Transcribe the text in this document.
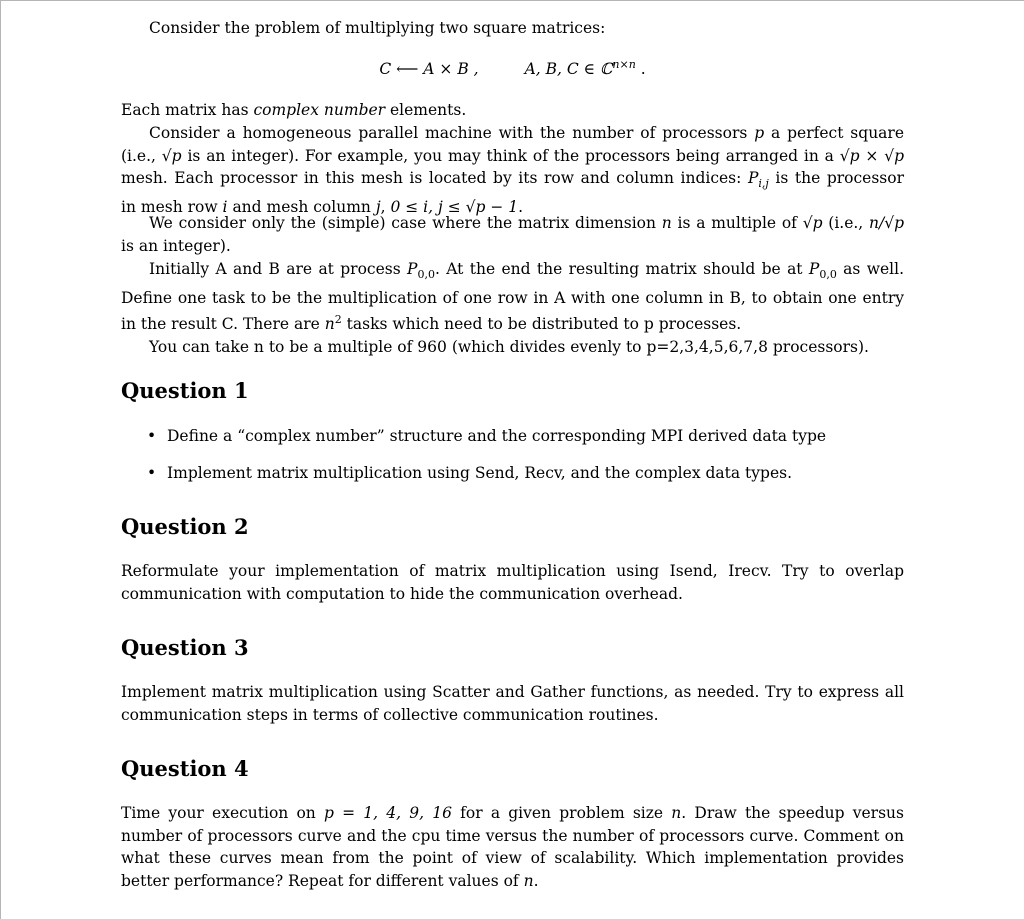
Consider the problem of multiplying two square matrices:

C ⟵ A × B ,	A, B, C ∈ ℂ$^{n\times n}$ .

Each matrix has complex number elements.

Consider a homogeneous parallel machine with the number of processors p a perfect square
(i.e., √p is an integer). For example, you may think of the processors being arranged in a √p × √p
mesh. Each processor in this mesh is located by its row and column indices: $P_{i,j}$ is the processor
in mesh row i and mesh column j, 0 ≤ i, j ≤ √p − 1.
We consider only the (simple) case where the matrix dimension n is a multiple of √p (i.e., n/√p
is an integer).
Initially A and B are at process $P_{0,0}$. At the end the resulting matrix should be at $P_{0,0}$ as well.
Define one task to be the multiplication of one row in A with one column in B, to obtain one entry
in the result C. There are $n^2$ tasks which need to be distributed to p processes.
You can take n to be a multiple of 960 (which divides evenly to p=2,3,4,5,6,7,8 processors).
Question 1
• Define a “complex number” structure and the corresponding MPI derived data type
• Implement matrix multiplication using Send, Recv, and the complex data types.
Question 2

Reformulate your implementation of matrix multiplication using Isend, Irecv. Try to overlap communication with computation to hide the communication overhead.

Question 3

Implement matrix multiplication using Scatter and Gather functions, as needed. Try to express all communication steps in terms of collective communication routines.

Question 4

Time your execution on p = 1, 4, 9, 16 for a given problem size n. Draw the speedup versus number of processors curve and the cpu time versus the number of processors curve. Comment on what these curves mean from the point of view of scalability. Which implementation provides better performance? Repeat for different values of n.
